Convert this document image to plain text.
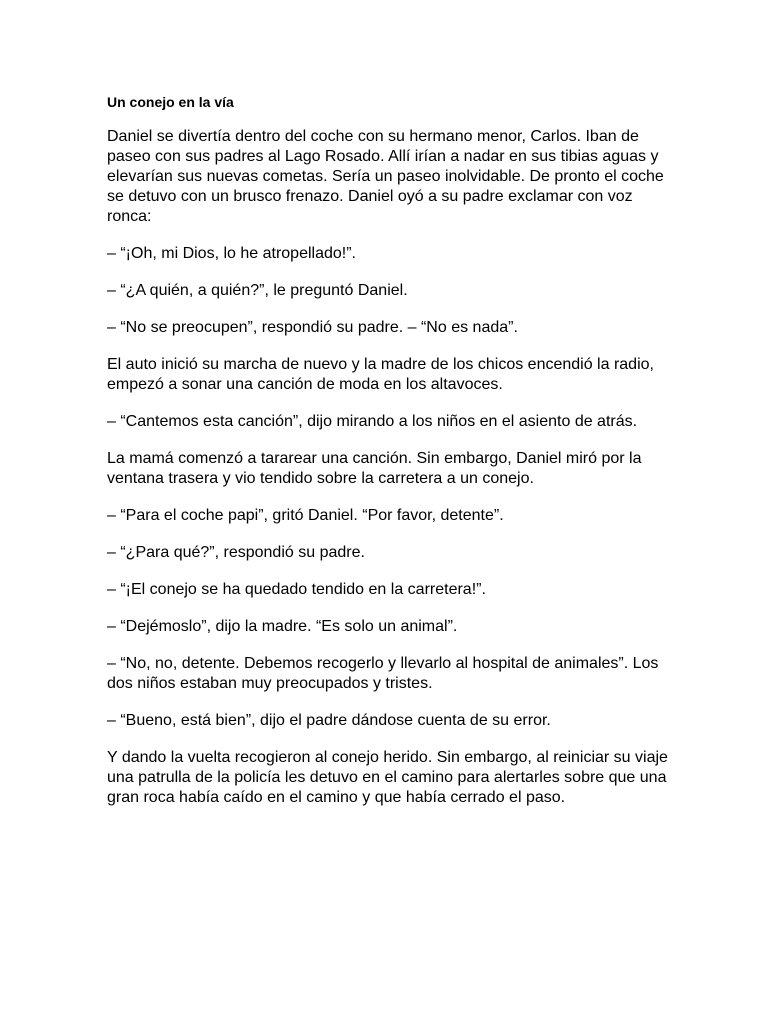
Un conejo en la vía

Daniel se divertía dentro del coche con su hermano menor, Carlos. Iban de paseo con sus padres al Lago Rosado. Allí irían a nadar en sus tibias aguas y elevarían sus nuevas cometas. Sería un paseo inolvidable. De pronto el coche se detuvo con un brusco frenazo. Daniel oyó a su padre exclamar con voz ronca:

– “¡Oh, mi Dios, lo he atropellado!”.

– “¿A quién, a quién?”, le preguntó Daniel.

– “No se preocupen”, respondió su padre. – “No es nada”.

El auto inició su marcha de nuevo y la madre de los chicos encendió la radio, empezó a sonar una canción de moda en los altavoces.

– “Cantemos esta canción”, dijo mirando a los niños en el asiento de atrás.

La mamá comenzó a tararear una canción. Sin embargo, Daniel miró por la ventana trasera y vio tendido sobre la carretera a un conejo.

– “Para el coche papi”, gritó Daniel. “Por favor, detente”.

– “¿Para qué?”, respondió su padre.

– “¡El conejo se ha quedado tendido en la carretera!”.

– “Dejémoslo”, dijo la madre. “Es solo un animal”.

– “No, no, detente. Debemos recogerlo y llevarlo al hospital de animales”. Los dos niños estaban muy preocupados y tristes.

– “Bueno, está bien”, dijo el padre dándose cuenta de su error.

Y dando la vuelta recogieron al conejo herido. Sin embargo, al reiniciar su viaje una patrulla de la policía les detuvo en el camino para alertarles sobre que una gran roca había caído en el camino y que había cerrado el paso.
